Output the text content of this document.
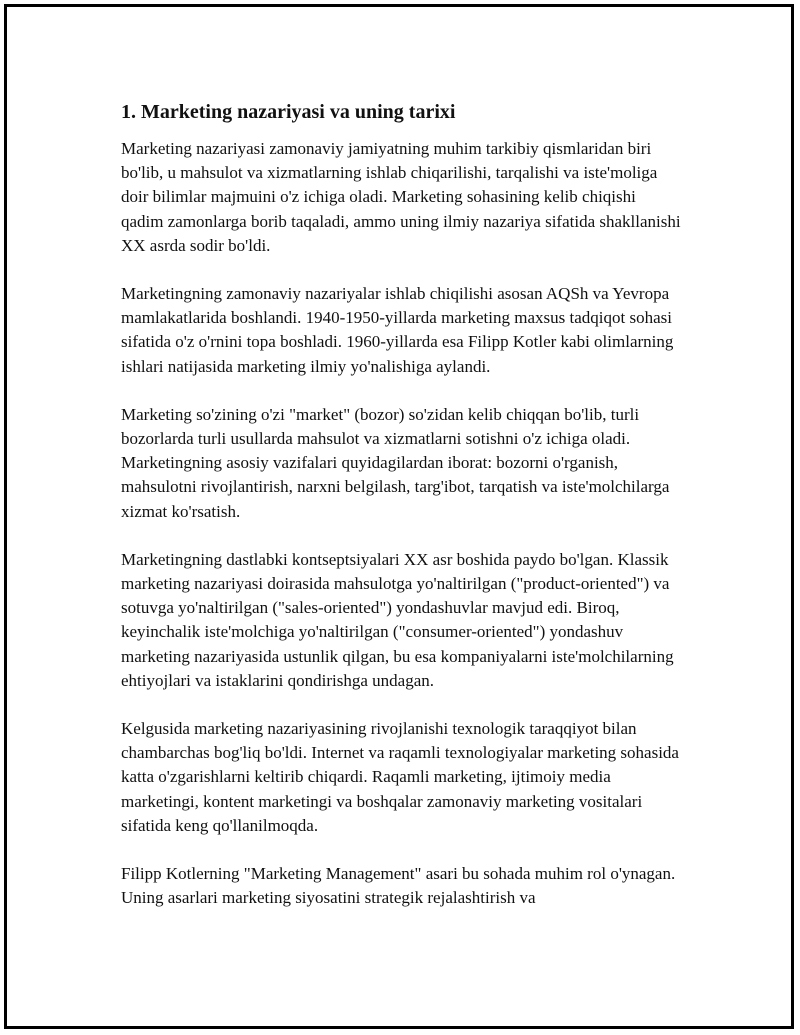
1. Marketing nazariyasi va uning tarixi

Marketing nazariyasi zamonaviy jamiyatning muhim tarkibiy qismlaridan biri bo'lib, u mahsulot va xizmatlarning ishlab chiqarilishi, tarqalishi va iste'moliga doir bilimlar majmuini o'z ichiga oladi. Marketing sohasining kelib chiqishi qadim zamonlarga borib taqaladi, ammo uning ilmiy nazariya sifatida shakllanishi XX asrda sodir bo'ldi.

Marketingning zamonaviy nazariyalar ishlab chiqilishi asosan AQSh va Yevropa mamlakatlarida boshlandi. 1940-1950-yillarda marketing maxsus tadqiqot sohasi sifatida o'z o'rnini topa boshladi. 1960-yillarda esa Filipp Kotler kabi olimlarning ishlari natijasida marketing ilmiy yo'nalishiga aylandi.

Marketing so'zining o'zi "market" (bozor) so'zidan kelib chiqqan bo'lib, turli bozorlarda turli usullarda mahsulot va xizmatlarni sotishni o'z ichiga oladi. Marketingning asosiy vazifalari quyidagilardan iborat: bozorni o'rganish, mahsulotni rivojlantirish, narxni belgilash, targ'ibot, tarqatish va iste'molchilarga xizmat ko'rsatish.

Marketingning dastlabki kontseptsiyalari XX asr boshida paydo bo'lgan. Klassik marketing nazariyasi doirasida mahsulotga yo'naltirilgan ("product-oriented") va sotuvga yo'naltirilgan ("sales-oriented") yondashuvlar mavjud edi. Biroq, keyinchalik iste'molchiga yo'naltirilgan ("consumer-oriented") yondashuv marketing nazariyasida ustunlik qilgan, bu esa kompaniyalarni iste'molchilarning ehtiyojlari va istaklarini qondirishga undagan.

Kelgusida marketing nazariyasining rivojlanishi texnologik taraqqiyot bilan chambarchas bog'liq bo'ldi. Internet va raqamli texnologiyalar marketing sohasida katta o'zgarishlarni keltirib chiqardi. Raqamli marketing, ijtimoiy media marketingi, kontent marketingi va boshqalar zamonaviy marketing vositalari sifatida keng qo'llanilmoqda.

Filipp Kotlerning "Marketing Management" asari bu sohada muhim rol o'ynagan. Uning asarlari marketing siyosatini strategik rejalashtirish va
